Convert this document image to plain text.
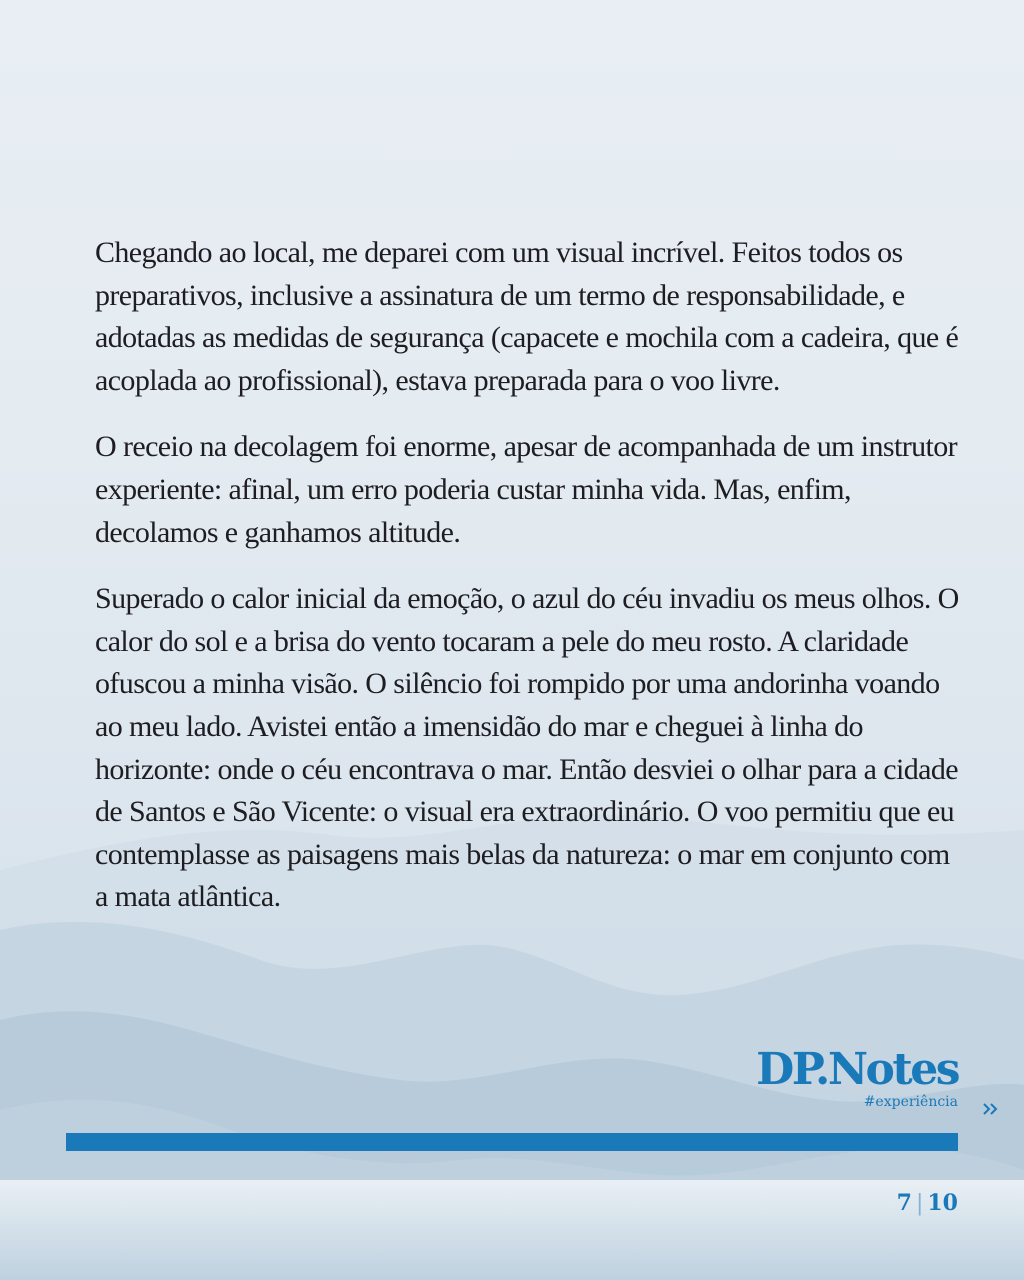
Chegando ao local, me deparei com um visual incrível. Feitos todos os preparativos, inclusive a assinatura de um termo de responsabilidade, e adotadas as medidas de segurança (capacete e mochila com a cadeira, que é acoplada ao profissional), estava preparada para o voo livre.

O receio na decolagem foi enorme, apesar de acompanhada de um instrutor experiente: afinal, um erro poderia custar minha vida. Mas, enfim, decolamos e ganhamos altitude.

Superado o calor inicial da emoção, o azul do céu invadiu os meus olhos. O calor do sol e a brisa do vento tocaram a pele do meu rosto. A claridade ofuscou a minha visão. O silêncio foi rompido por uma andorinha voando ao meu lado. Avistei então a imensidão do mar e cheguei à linha do horizonte: onde o céu encontrava o mar. Então desviei o olhar para a cidade de Santos e São Vicente: o visual era extraordinário. O voo permitiu que eu contemplasse as paisagens mais belas da natureza: o mar em conjunto com a mata atlântica.

DP.Notes
#experiência
7 | 10
